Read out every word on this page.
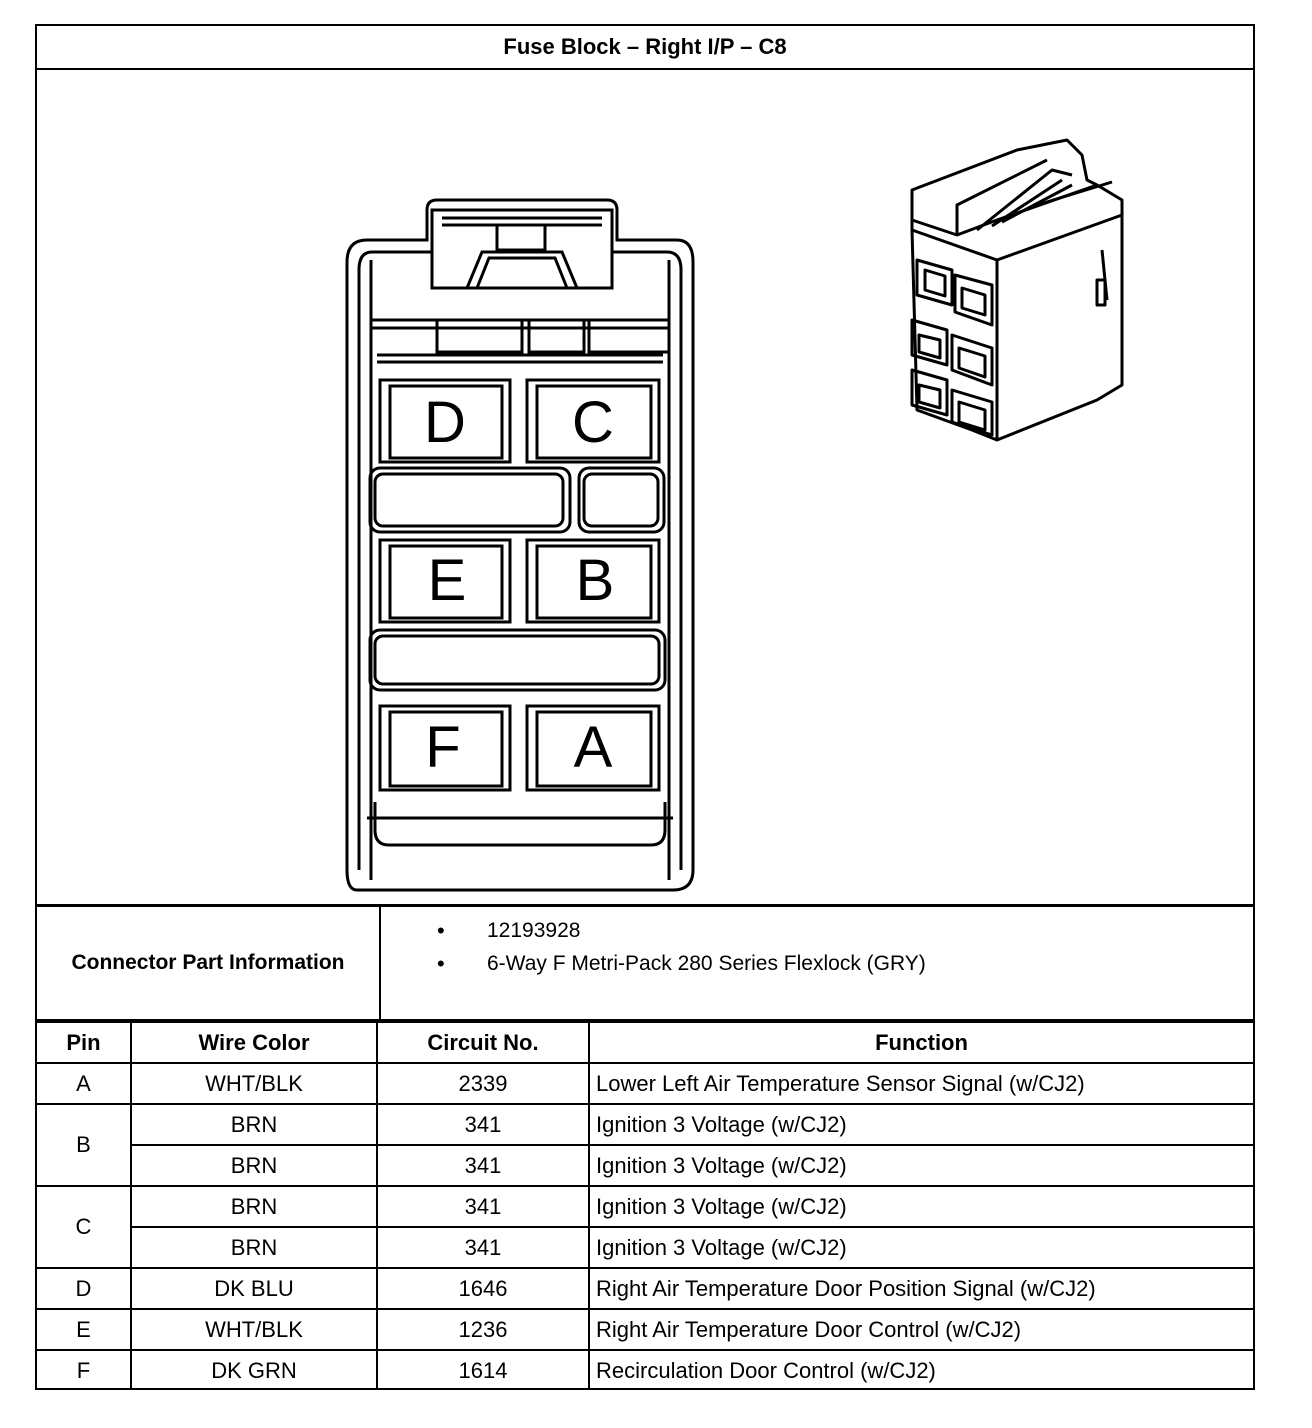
Fuse Block – Right I/P – C8
D C
E B
F A
Connector Part Information	
• 12193928
• 6-Way F Metri-Pack 280 Series Flexlock (GRY)
Pin	Wire Color	Circuit No.	Function
A	WHT/BLK	2339	Lower Left Air Temperature Sensor Signal (w/CJ2)
B	BRN	341	Ignition 3 Voltage (w/CJ2)
	BRN	341	Ignition 3 Voltage (w/CJ2)
C	BRN	341	Ignition 3 Voltage (w/CJ2)
	BRN	341	Ignition 3 Voltage (w/CJ2)
D	DK BLU	1646	Right Air Temperature Door Position Signal (w/CJ2)
E	WHT/BLK	1236	Right Air Temperature Door Control (w/CJ2)
F	DK GRN	1614	Recirculation Door Control (w/CJ2)
